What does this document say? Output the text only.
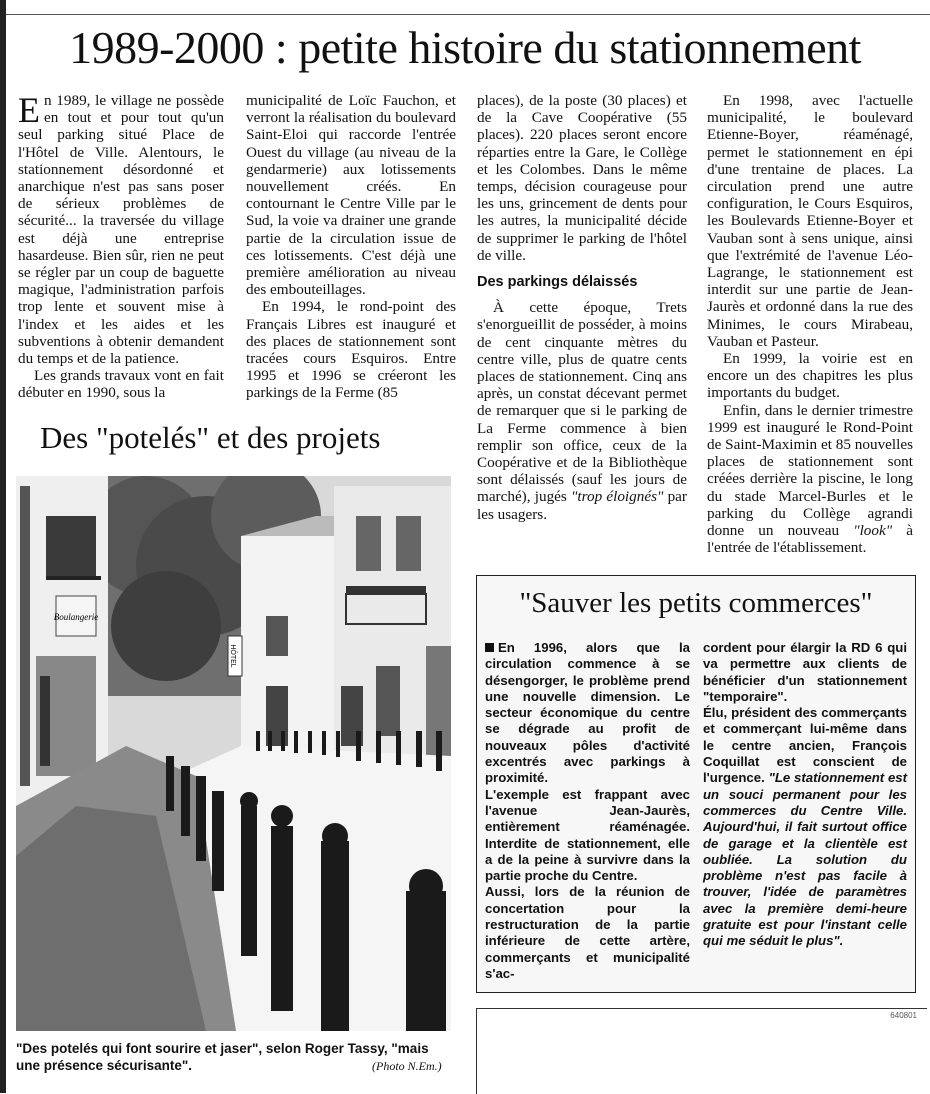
1989-2000 : petite histoire du stationnement

En 1989, le village ne possède en tout et pour tout qu'un seul parking situé Place de l'Hôtel de Ville. Alentours, le stationnement désordonné et anarchique n'est pas sans poser de sérieux problèmes de sécurité... la traversée du village est déjà une entreprise hasardeuse. Bien sûr, rien ne peut se régler par un coup de baguette magique, l'administration parfois trop lente et souvent mise à l'index et les aides et les subventions à obtenir demandent du temps et de la patience.

Les grands travaux vont en fait débuter en 1990, sous la

municipalité de Loïc Fauchon, et verront la réalisation du boulevard Saint-Eloi qui raccorde l'entrée Ouest du village (au niveau de la gendarmerie) aux lotissements nouvellement créés. En contournant le Centre Ville par le Sud, la voie va drainer une grande partie de la circulation issue de ces lotissements. C'est déjà une première amélioration au niveau des embouteillages.

En 1994, le rond-point des Français Libres est inauguré et des places de stationnement sont tracées cours Esquiros. Entre 1995 et 1996 se créeront les parkings de la Ferme (85

places), de la poste (30 places) et de la Cave Coopérative (55 places). 220 places seront encore réparties entre la Gare, le Collège et les Colombes. Dans le même temps, décision courageuse pour les uns, grincement de dents pour les autres, la municipalité décide de supprimer le parking de l'hôtel de ville.

Des parkings délaissés

À cette époque, Trets s'enorgueillit de posséder, à moins de cent cinquante mètres du centre ville, plus de quatre cents places de stationnement. Cinq ans après, un constat décevant permet de remarquer que si le parking de La Ferme commence à bien remplir son office, ceux de la Coopérative et de la Bibliothèque sont délaissés (sauf les jours de marché), jugés "trop éloignés" par les usagers.

En 1998, avec l'actuelle municipalité, le boulevard Etienne-Boyer, réaménagé, permet le stationnement en épi d'une trentaine de places. La circulation prend une autre configuration, le Cours Esquiros, les Boulevards Etienne-Boyer et Vauban sont à sens unique, ainsi que l'extrémité de l'avenue Léo-Lagrange, le stationnement est interdit sur une partie de Jean-Jaurès et ordonné dans la rue des Minimes, le cours Mirabeau, Vauban et Pasteur.

En 1999, la voirie est en encore un des chapitres les plus importants du budget.

Enfin, dans le dernier trimestre 1999 est inauguré le Rond-Point de Saint-Maximin et 85 nouvelles places de stationnement sont créées derrière la piscine, le long du stade Marcel-Burles et le parking du Collège agrandi donne un nouveau "look" à l'entrée de l'établissement.

Des "potelés" et des projets
Boulangerie
HÔTEL
"Des potelés qui font sourire et jaser", selon Roger Tassy, "mais une présence sécurisante".	(Photo N.Em.)
"Sauver les petits commerces"

En 1996, alors que la circulation commence à se désengorger, le problème prend une nouvelle dimension. Le secteur économique du centre se dégrade au profit de nouveaux pôles d'activité excentrés avec parkings à proximité.

L'exemple est frappant avec l'avenue Jean-Jaurès, entièrement réaménagée. Interdite de stationnement, elle a de la peine à survivre dans la partie proche du Centre.

Aussi, lors de la réunion de concertation pour la restructuration de la partie inférieure de cette artère, commerçants et municipalité s'ac-

cordent pour élargir la RD 6 qui va permettre aux clients de bénéficier d'un stationnement "temporaire".

Élu, président des commerçants et commerçant lui-même dans le centre ancien, François Coquillat est conscient de l'urgence. "Le stationnement est un souci permanent pour les commerces du Centre Ville. Aujourd'hui, il fait surtout office de garage et la clientèle est oubliée. La solution du problème n'est pas facile à trouver, l'idée de paramètres avec la première demi-heure gratuite est pour l'instant celle qui me séduit le plus".

640801
